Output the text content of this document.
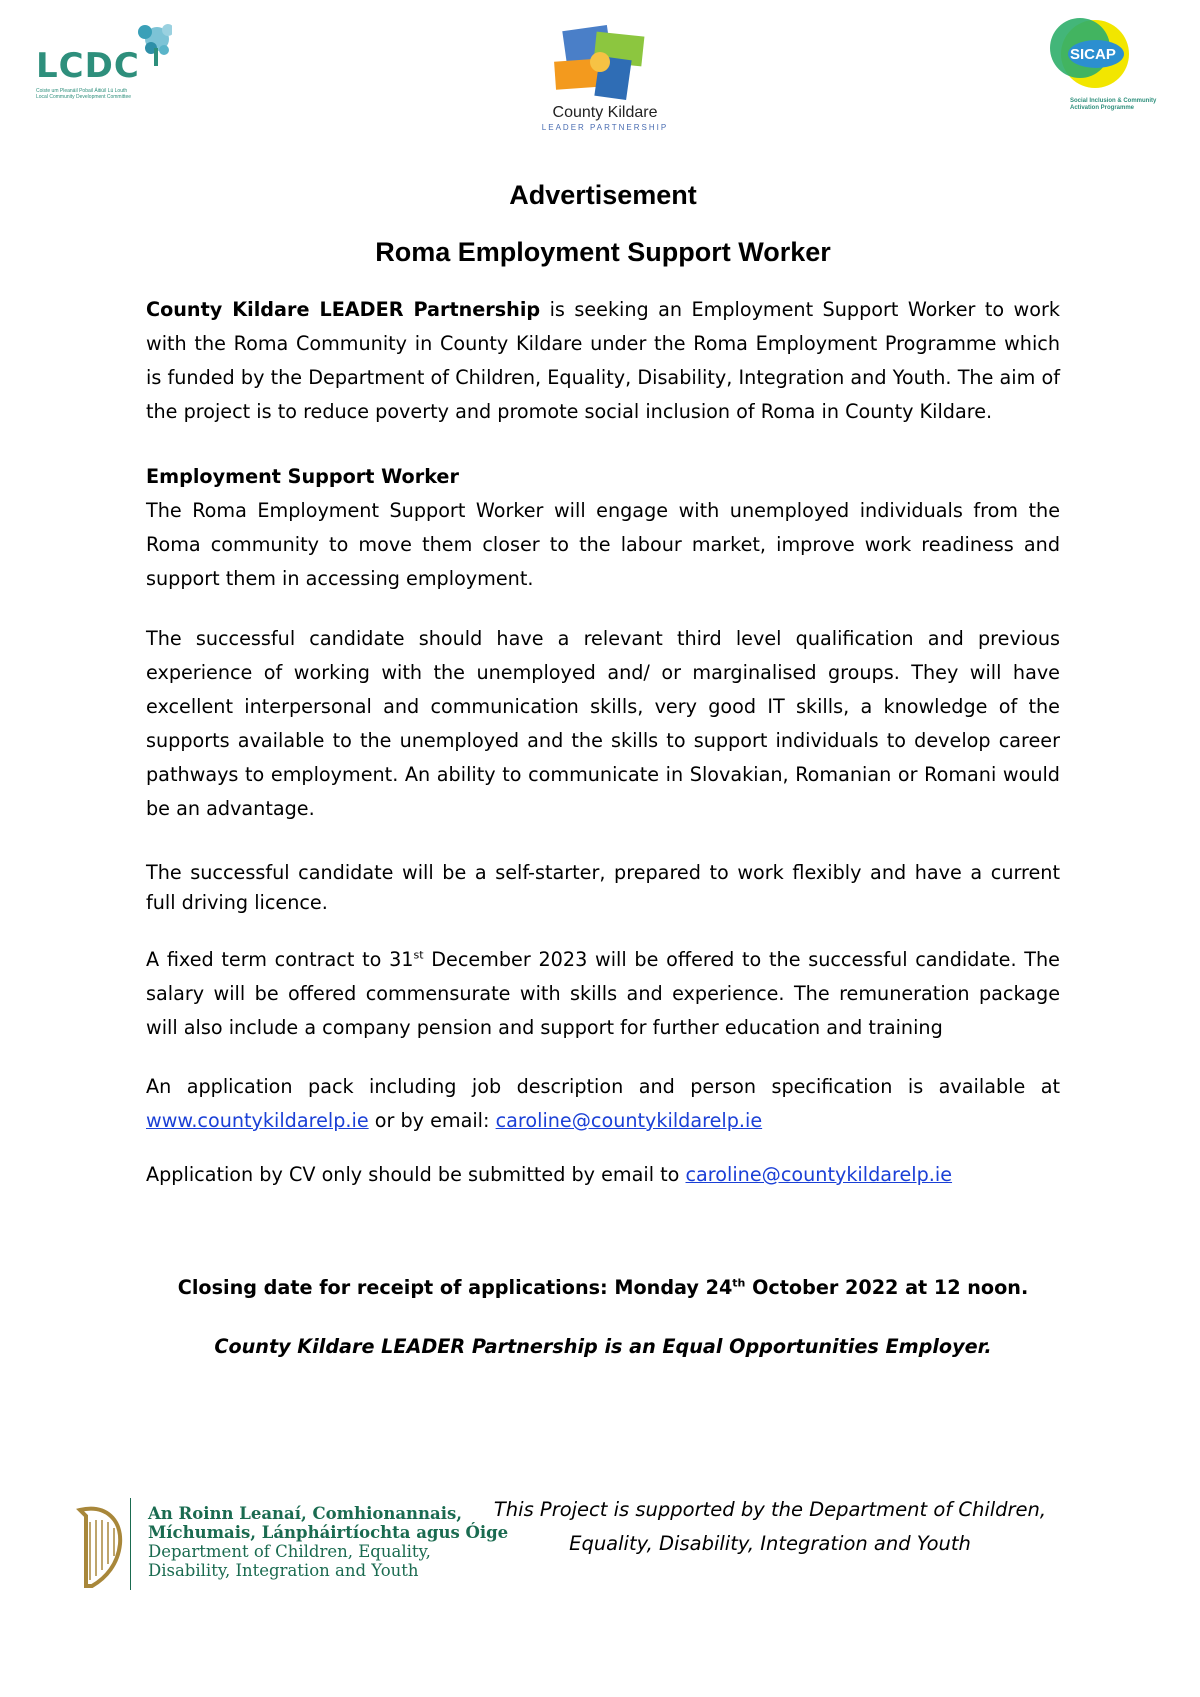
LCDC
Coiste um Pleanáil Pobail Áitiúil Lú Louth Local Community Development Committee
County Kildare
LEADER PARTNERSHIP
SICAP
Social Inclusion & Community Activation Programme
Advertisement
Roma Employment Support Worker
County Kildare LEADER Partnership is seeking an Employment Support Worker to work with the Roma Community in County Kildare under the Roma Employment Programme which is funded by the Department of Children, Equality, Disability, Integration and Youth. The aim of the project is to reduce poverty and promote social inclusion of Roma in County Kildare.
Employment Support Worker
The Roma Employment Support Worker will engage with unemployed individuals from the Roma community to move them closer to the labour market, improve work readiness and support them in accessing employment.
The successful candidate should have a relevant third level qualification and previous experience of working with the unemployed and/ or marginalised groups. They will have excellent interpersonal and communication skills, very good IT skills, a knowledge of the supports available to the unemployed and the skills to support individuals to develop career pathways to employment. An ability to communicate in Slovakian, Romanian or Romani would be an advantage.
The successful candidate will be a self-starter, prepared to work flexibly and have a current full driving licence.
A fixed term contract to 31st December 2023 will be offered to the successful candidate. The salary will be offered commensurate with skills and experience. The remuneration package will also include a company pension and support for further education and training
An application pack including job description and person specification is available at www.countykildarelp.ie or by email: caroline@countykildarelp.ie
Application by CV only should be submitted by email to caroline@countykildarelp.ie
Closing date for receipt of applications: Monday 24th October 2022 at 12 noon.
County Kildare LEADER Partnership is an Equal Opportunities Employer.
An Roinn Leanaí, Comhionannais,
Míchumais, Lánpháirtíochta agus Óige
Department of Children, Equality,
Disability, Integration and Youth
This Project is supported by the Department of Children,
Equality, Disability, Integration and Youth
